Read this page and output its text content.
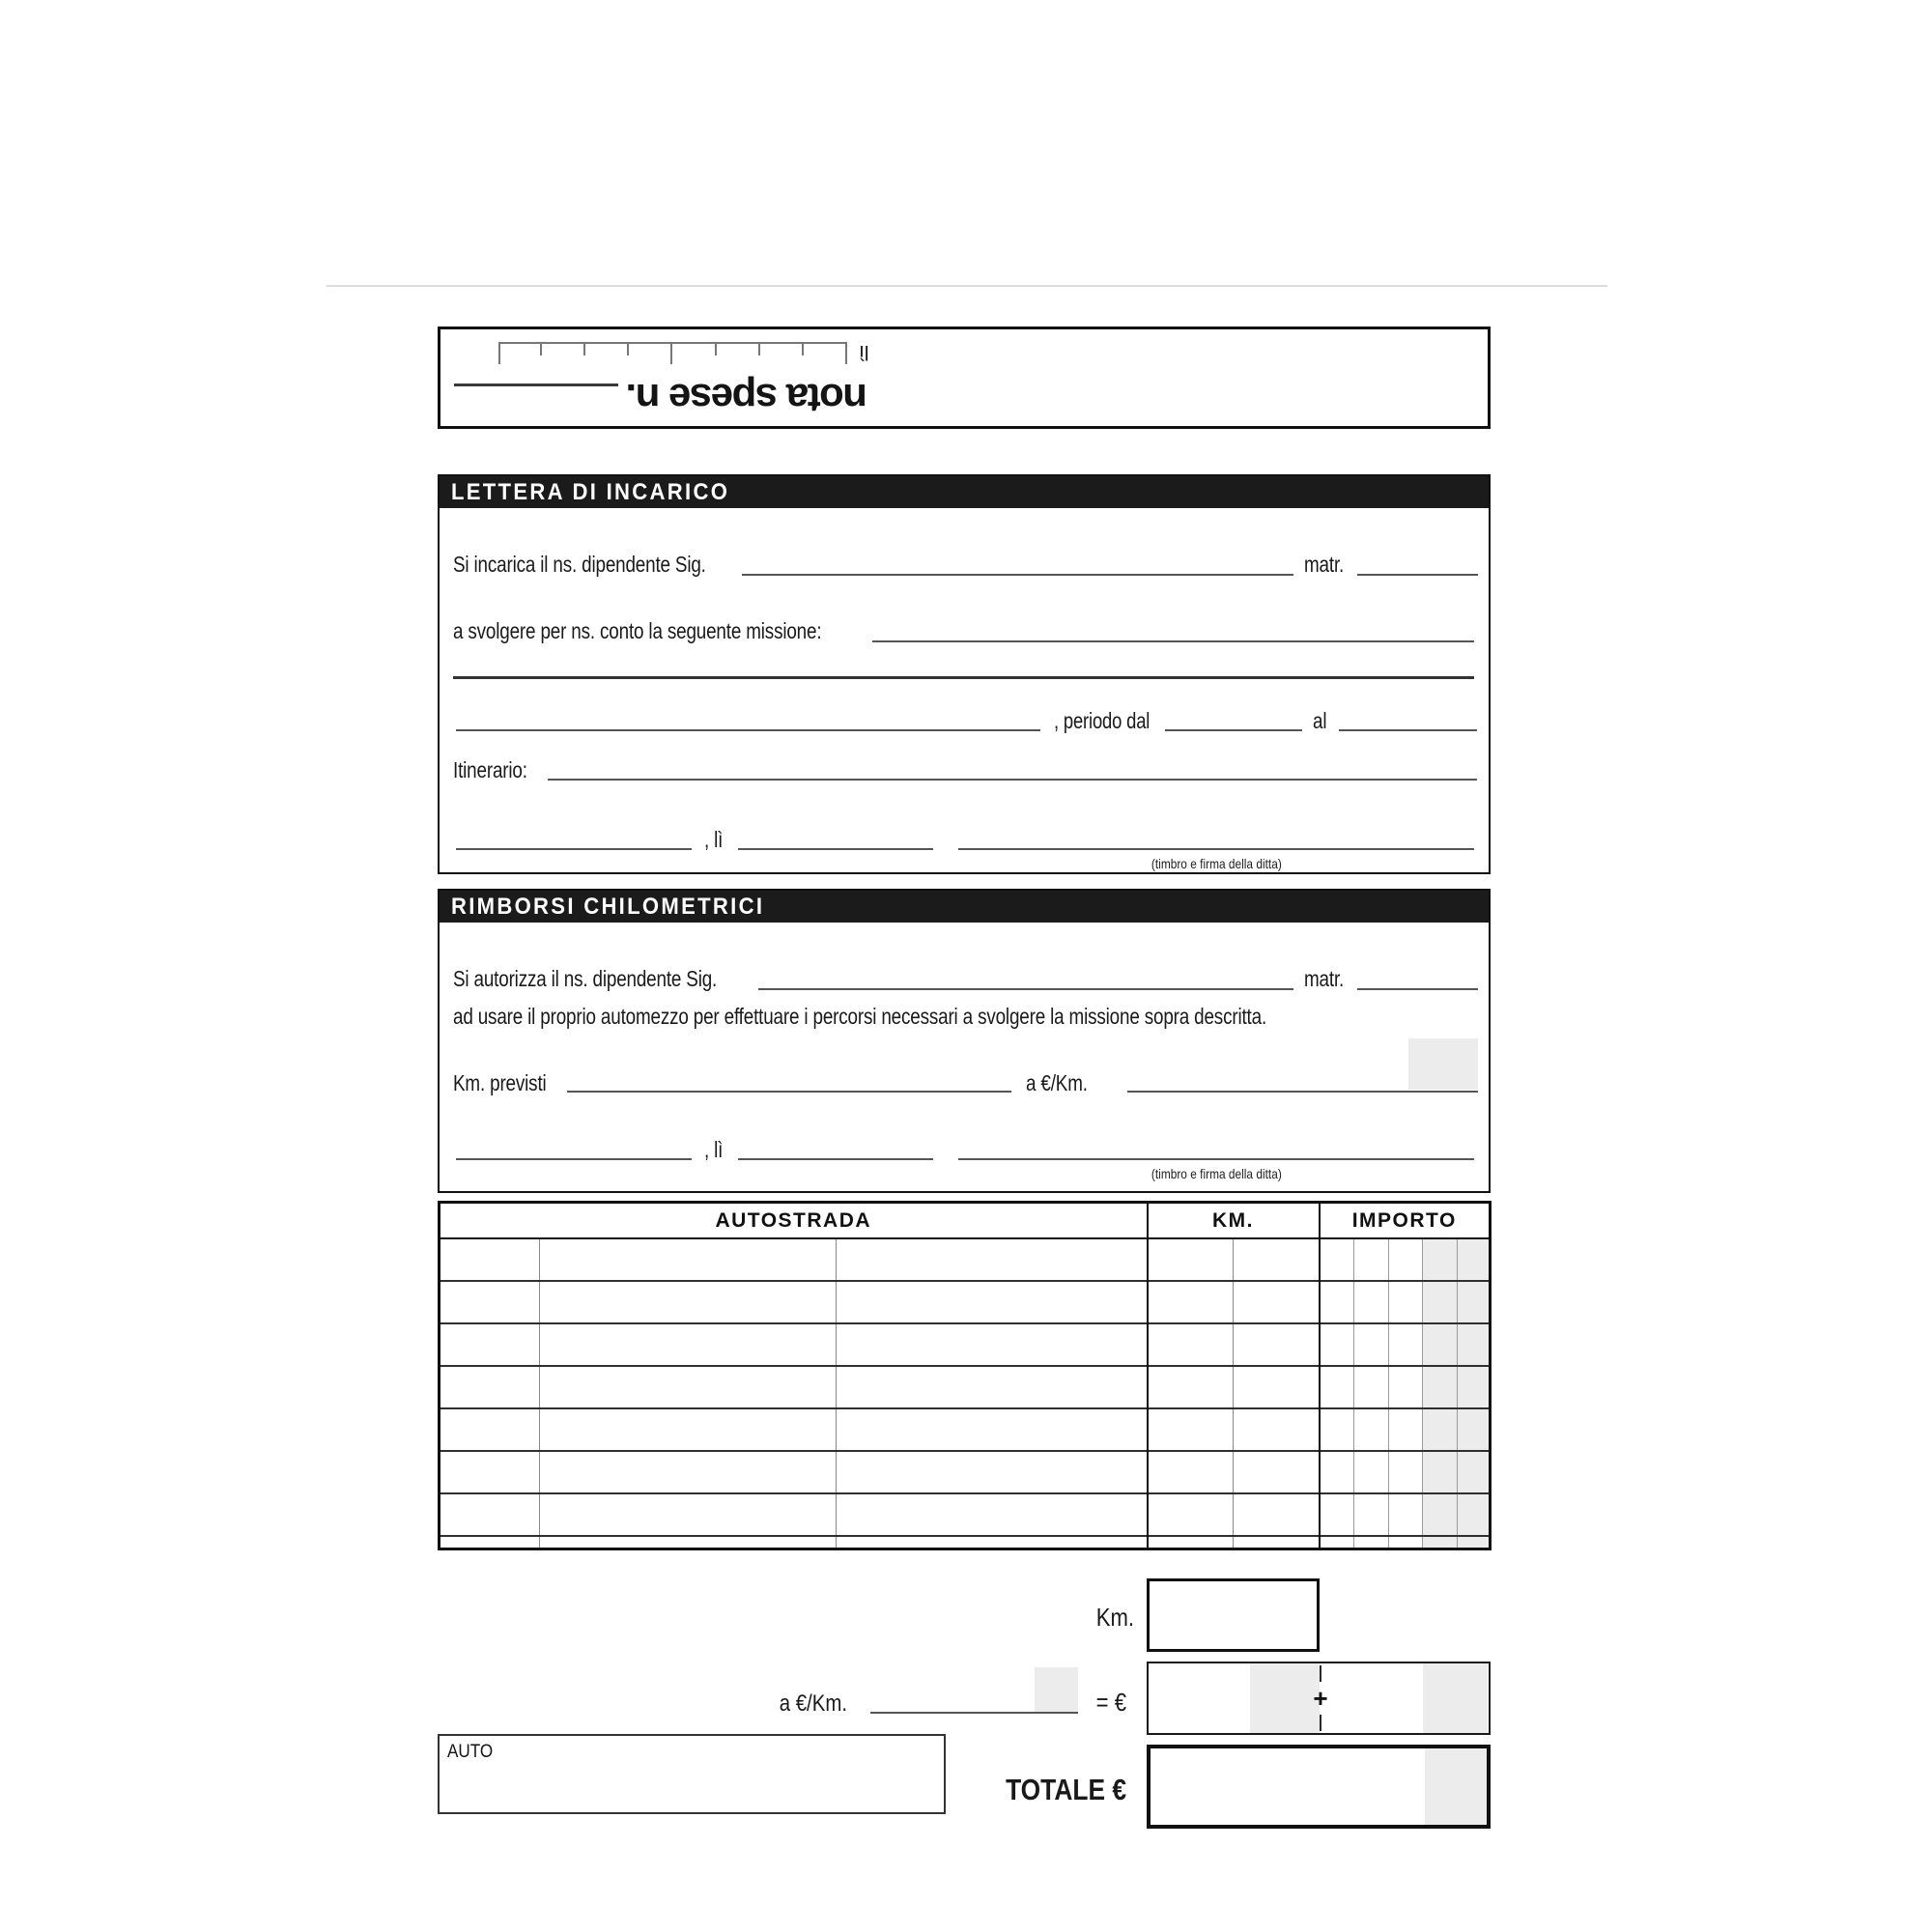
nota spese n.
lì
LETTERA DI INCARICO
Si incarica il ns. dipendente Sig.	matr.
a svolgere per ns. conto la seguente missione:
, periodo dal	al
Itinerario:
, lì
(timbro e firma della ditta)
RIMBORSI CHILOMETRICI
Si autorizza il ns. dipendente Sig.	matr.
ad usare il proprio automezzo per effettuare i percorsi necessari a svolgere la missione sopra descritta.
Km. previsti	a €/Km.
, lì
(timbro e firma della ditta)
AUTOSTRADA			KM.		IMPORTO				

Km.
a €/Km.	= €	+
AUTO
TOTALE €
